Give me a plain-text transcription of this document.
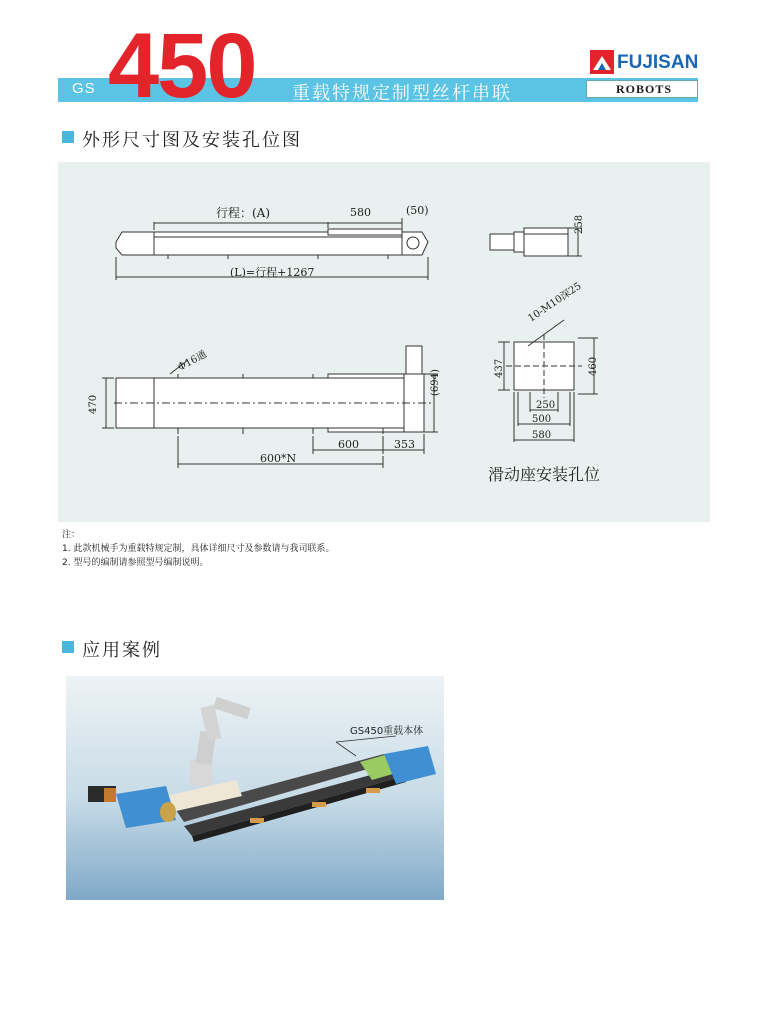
GS 450 重载特规定制型丝杆串联	ROBOTS
FUJISAN
外形尺寸图及安装孔位图
行程：(A)	580	(50)
(L)=行程+1267
258
Φ16通
470
(694)
600	353
600*N
10-M10深25
437	460
250
500
580
滑动座安装孔位
注：
1. 此款机械手为重载特规定制，具体详细尺寸及参数请与我司联系。
2. 型号的编制请参照型号编制说明。
应用案例
GS450重载本体
